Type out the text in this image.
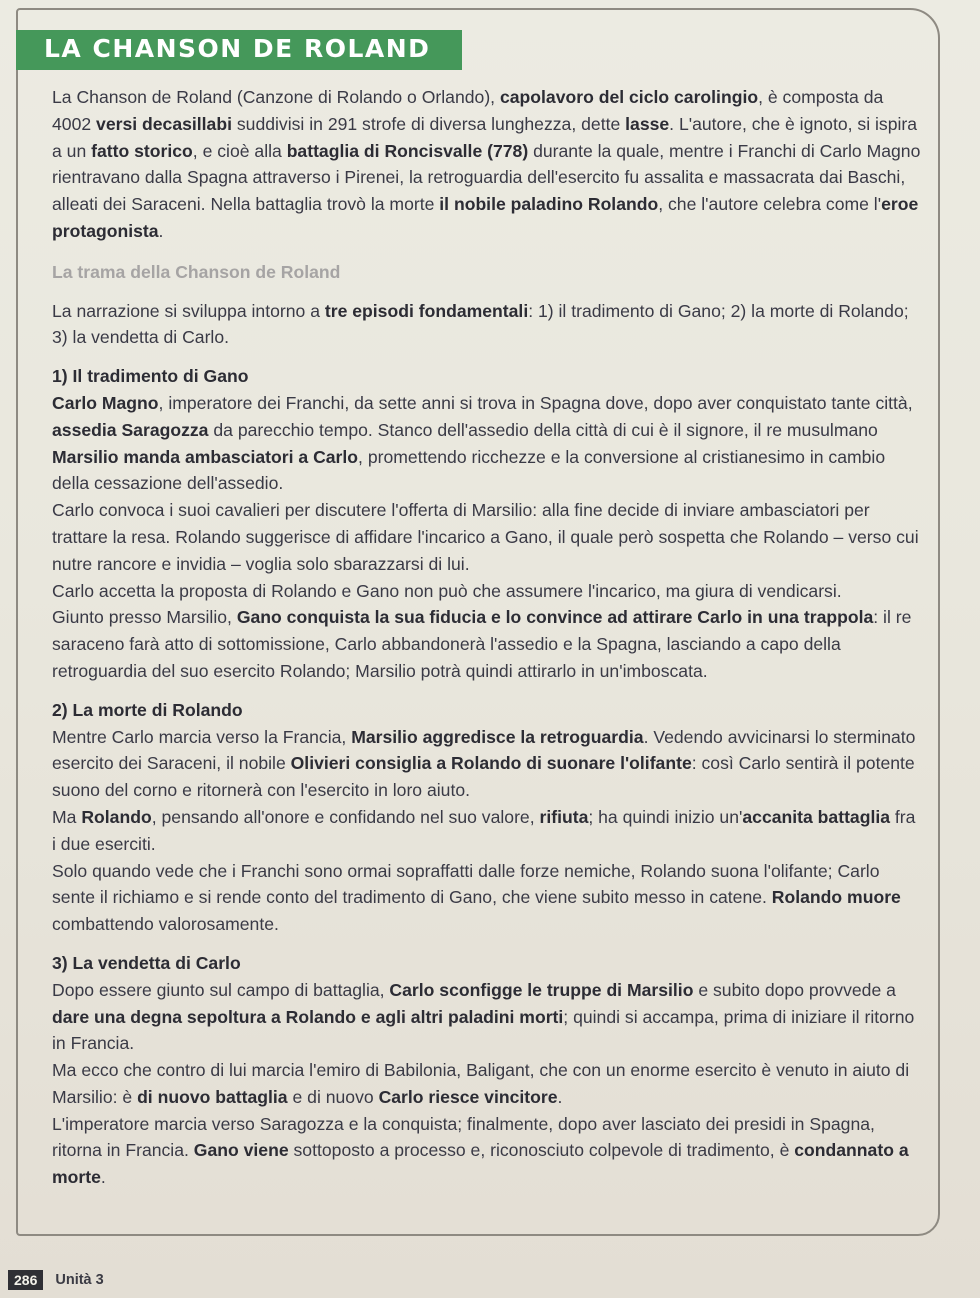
LA CHANSON DE ROLAND

La Chanson de Roland (Canzone di Rolando o Orlando), capolavoro del ciclo carolingio, è composta da 4002 versi decasillabi suddivisi in 291 strofe di diversa lunghezza, dette lasse. L'autore, che è ignoto, si ispira a un fatto storico, e cioè alla battaglia di Roncisvalle (778) durante la quale, mentre i Franchi di Carlo Magno rientravano dalla Spagna attraverso i Pirenei, la retroguardia dell'esercito fu assalita e massacrata dai Baschi, alleati dei Saraceni. Nella battaglia trovò la morte il nobile paladino Rolando, che l'autore celebra come l'eroe protagonista.

La trama della Chanson de Roland

La narrazione si sviluppa intorno a tre episodi fondamentali: 1) il tradimento di Gano; 2) la morte di Rolando; 3) la vendetta di Carlo.

1) Il tradimento di Gano

Carlo Magno, imperatore dei Franchi, da sette anni si trova in Spagna dove, dopo aver conquistato tante città, assedia Saragozza da parecchio tempo. Stanco dell'assedio della città di cui è il signore, il re musulmano Marsilio manda ambasciatori a Carlo, promettendo ricchezze e la conversione al cristianesimo in cambio della cessazione dell'assedio.

Carlo convoca i suoi cavalieri per discutere l'offerta di Marsilio: alla fine decide di inviare ambasciatori per trattare la resa. Rolando suggerisce di affidare l'incarico a Gano, il quale però sospetta che Rolando – verso cui nutre rancore e invidia – voglia solo sbarazzarsi di lui.

Carlo accetta la proposta di Rolando e Gano non può che assumere l'incarico, ma giura di vendicarsi.

Giunto presso Marsilio, Gano conquista la sua fiducia e lo convince ad attirare Carlo in una trappola: il re saraceno farà atto di sottomissione, Carlo abbandonerà l'assedio e la Spagna, lasciando a capo della retroguardia del suo esercito Rolando; Marsilio potrà quindi attirarlo in un'imboscata.

2) La morte di Rolando

Mentre Carlo marcia verso la Francia, Marsilio aggredisce la retroguardia. Vedendo avvicinarsi lo sterminato esercito dei Saraceni, il nobile Olivieri consiglia a Rolando di suonare l'olifante: così Carlo sentirà il potente suono del corno e ritornerà con l'esercito in loro aiuto.

Ma Rolando, pensando all'onore e confidando nel suo valore, rifiuta; ha quindi inizio un'accanita battaglia fra i due eserciti.

Solo quando vede che i Franchi sono ormai sopraffatti dalle forze nemiche, Rolando suona l'olifante; Carlo sente il richiamo e si rende conto del tradimento di Gano, che viene subito messo in catene. Rolando muore combattendo valorosamente.

3) La vendetta di Carlo

Dopo essere giunto sul campo di battaglia, Carlo sconfigge le truppe di Marsilio e subito dopo provvede a dare una degna sepoltura a Rolando e agli altri paladini morti; quindi si accampa, prima di iniziare il ritorno in Francia.

Ma ecco che contro di lui marcia l'emiro di Babilonia, Baligant, che con un enorme esercito è venuto in aiuto di Marsilio: è di nuovo battaglia e di nuovo Carlo riesce vincitore.

L'imperatore marcia verso Saragozza e la conquista; finalmente, dopo aver lasciato dei presidi in Spagna, ritorna in Francia. Gano viene sottoposto a processo e, riconosciuto colpevole di tradimento, è condannato a morte.

286	Unità 3
